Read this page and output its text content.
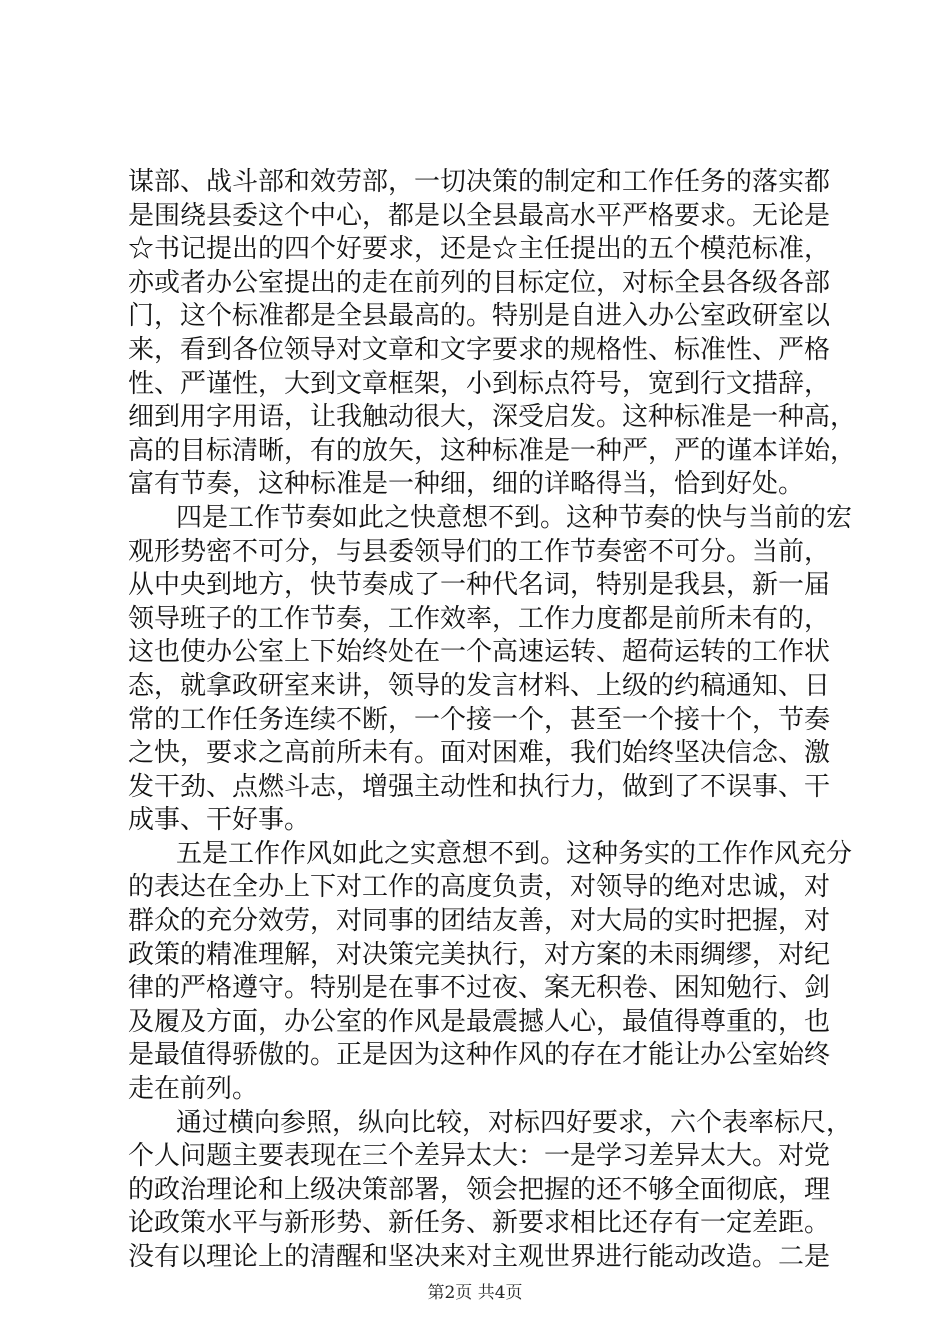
谋部、战斗部和效劳部，一切决策的制定和工作任务的落实都
是围绕县委这个中心，都是以全县最高水平严格要求。无论是
☆书记提出的四个好要求，还是☆主任提出的五个模范标准，
亦或者办公室提出的走在前列的目标定位，对标全县各级各部
门，这个标准都是全县最高的。特别是自进入办公室政研室以
来，看到各位领导对文章和文字要求的规格性、标准性、严格
性、严谨性，大到文章框架，小到标点符号，宽到行文措辞，
细到用字用语，让我触动很大，深受启发。这种标准是一种高，
高的目标清晰，有的放矢，这种标准是一种严，严的谨本详始，
富有节奏，这种标准是一种细，细的详略得当，恰到好处。
四是工作节奏如此之快意想不到。这种节奏的快与当前的宏
观形势密不可分，与县委领导们的工作节奏密不可分。当前，
从中央到地方，快节奏成了一种代名词，特别是我县，新一届
领导班子的工作节奏，工作效率，工作力度都是前所未有的，
这也使办公室上下始终处在一个高速运转、超荷运转的工作状
态，就拿政研室来讲，领导的发言材料、上级的约稿通知、日
常的工作任务连续不断，一个接一个，甚至一个接十个，节奏
之快，要求之高前所未有。面对困难，我们始终坚决信念、激
发干劲、点燃斗志，增强主动性和执行力，做到了不误事、干
成事、干好事。
五是工作作风如此之实意想不到。这种务实的工作作风充分
的表达在全办上下对工作的高度负责，对领导的绝对忠诚，对
群众的充分效劳，对同事的团结友善，对大局的实时把握，对
政策的精准理解，对决策完美执行，对方案的未雨绸缪，对纪
律的严格遵守。特别是在事不过夜、案无积卷、困知勉行、剑
及履及方面，办公室的作风是最震撼人心，最值得尊重的，也
是最值得骄傲的。正是因为这种作风的存在才能让办公室始终
走在前列。
通过横向参照，纵向比较，对标四好要求，六个表率标尺，
个人问题主要表现在三个差异太大：一是学习差异太大。对党
的政治理论和上级决策部署，领会把握的还不够全面彻底，理
论政策水平与新形势、新任务、新要求相比还存有一定差距。
没有以理论上的清醒和坚决来对主观世界进行能动改造。二是
第2页 共4页
